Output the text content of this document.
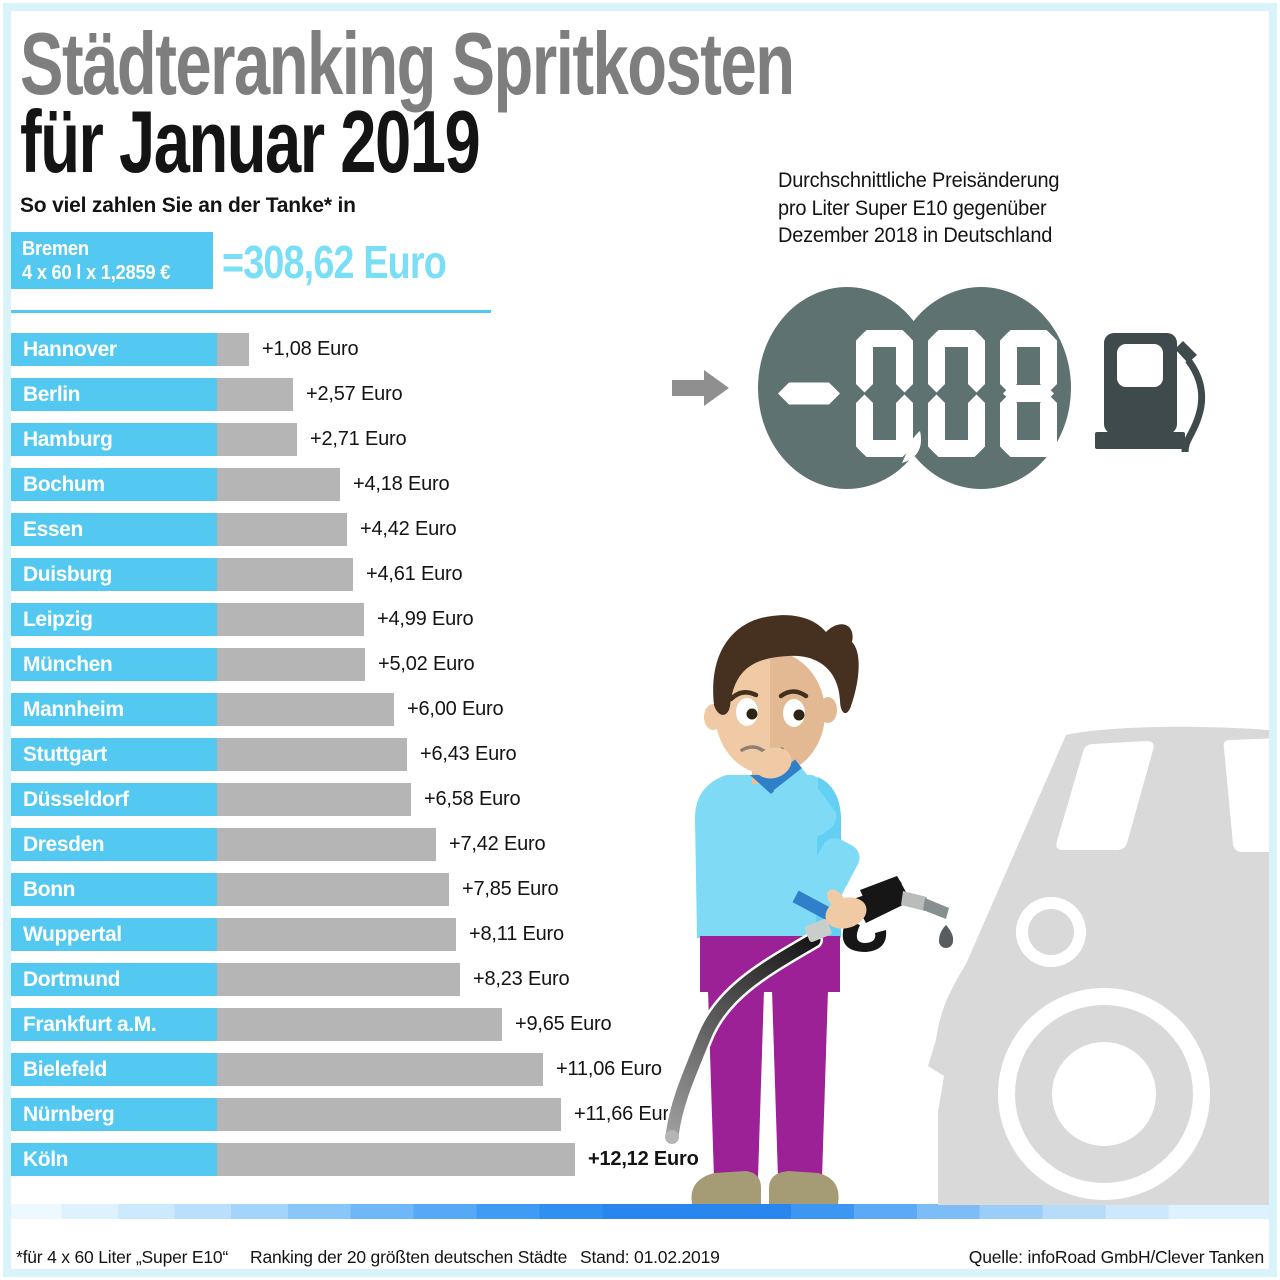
Städteranking Spritkosten
für Januar 2019
So viel zahlen Sie an der Tanke* in
Bremen
4 x 60 l x 1,2859 €	=308,62 Euro
Hannover	+1,08 Euro
Berlin	+2,57 Euro
Hamburg	+2,71 Euro
Bochum	+4,18 Euro
Essen	+4,42 Euro
Duisburg	+4,61 Euro
Leipzig	+4,99 Euro
München	+5,02 Euro
Mannheim	+6,00 Euro
Stuttgart	+6,43 Euro
Düsseldorf	+6,58 Euro
Dresden	+7,42 Euro
Bonn	+7,85 Euro
Wuppertal	+8,11 Euro
Dortmund	+8,23 Euro
Frankfurt a.M.	+9,65 Euro
Bielefeld	+11,06 Euro
Nürnberg	+11,66 Euro
Köln	+12,12 Euro
Durchschnittliche Preisänderung
pro Liter Super E10 gegenüber
Dezember 2018 in Deutschland
*für 4 x 60 Liter „Super E10“ Ranking der 20 größten deutschen Städte Stand: 01.02.2019	Quelle: infoRoad GmbH/Clever Tanken
